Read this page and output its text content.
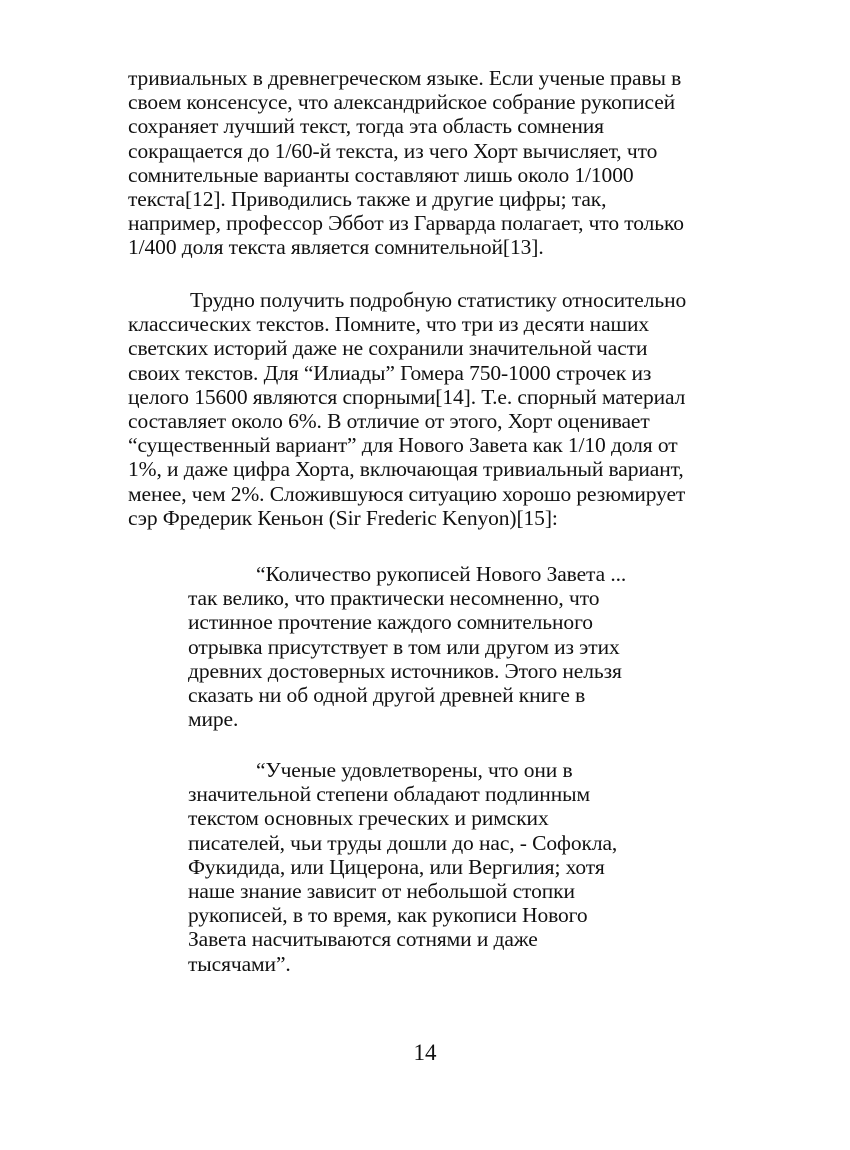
тривиальных в древнегреческом языке. Если ученые правы в
своем консенсусе, что александрийское собрание рукописей
сохраняет лучший текст, тогда эта область сомнения
сокращается до 1/60-й текста, из чего Хорт вычисляет, что
сомнительные варианты составляют лишь около 1/1000
текста[12]. Приводились также и другие цифры; так,
например, профессор Эббот из Гарварда полагает, что только
1/400 доля текста является сомнительной[13].
Трудно получить подробную статистику относительно
классических текстов. Помните, что три из десяти наших
светских историй даже не сохранили значительной части
своих текстов. Для “Илиады” Гомера 750-1000 строчек из
целого 15600 являются спорными[14]. Т.е. спорный материал
составляет около 6%. В отличие от этого, Хорт оценивает
“существенный вариант” для Нового Завета как 1/10 доля от
1%, и даже цифра Хорта, включающая тривиальный вариант,
менее, чем 2%. Сложившуюся ситуацию хорошо резюмирует
сэр Фредерик Кеньон (Sir Frederic Kenyon)[15]:
“Количество рукописей Нового Завета ...
так велико, что практически несомненно, что
истинное прочтение каждого сомнительного
отрывка присутствует в том или другом из этих
древних достоверных источников. Этого нельзя
сказать ни об одной другой древней книге в
мире.
“Ученые удовлетворены, что они в
значительной степени обладают подлинным
текстом основных греческих и римских
писателей, чьи труды дошли до нас, - Софокла,
Фукидида, или Цицерона, или Вергилия; хотя
наше знание зависит от небольшой стопки
рукописей, в то время, как рукописи Нового
Завета насчитываются сотнями и даже
тысячами”.
14
